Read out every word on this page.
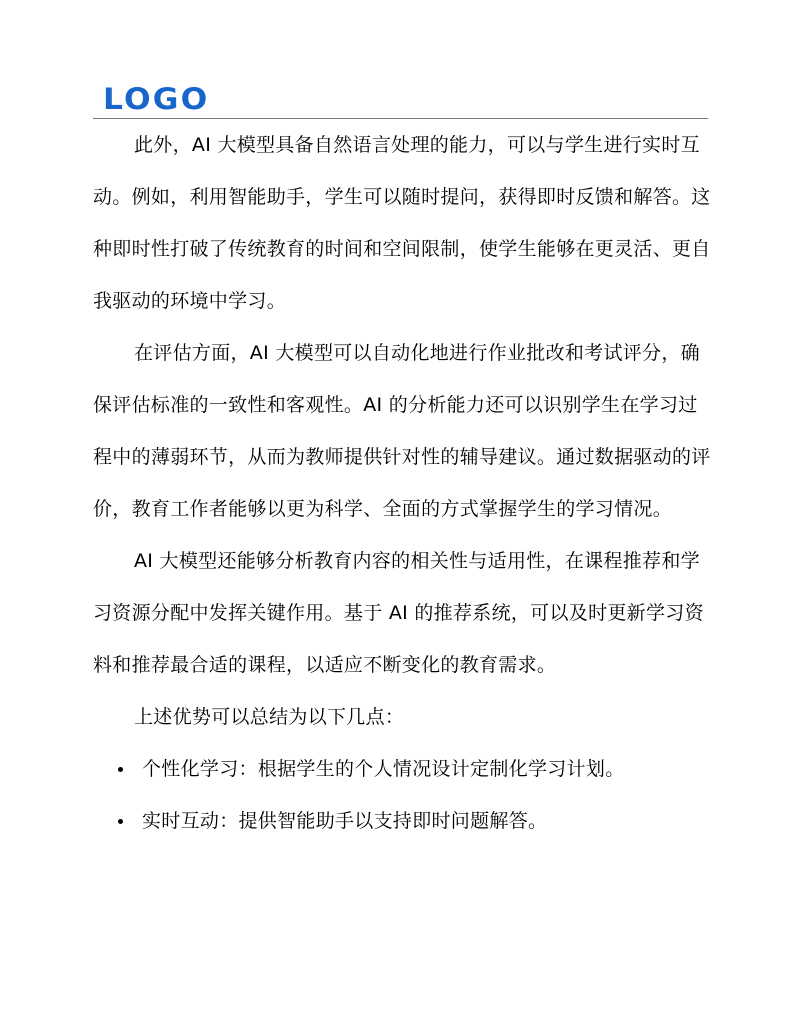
LOGO

此外，AI 大模型具备自然语言处理的能力，可以与学生进行实时互动。例如，利用智能助手，学生可以随时提问，获得即时反馈和解答。这种即时性打破了传统教育的时间和空间限制，使学生能够在更灵活、更自我驱动的环境中学习。

在评估方面，AI 大模型可以自动化地进行作业批改和考试评分，确保评估标准的一致性和客观性。AI 的分析能力还可以识别学生在学习过程中的薄弱环节，从而为教师提供针对性的辅导建议。通过数据驱动的评价，教育工作者能够以更为科学、全面的方式掌握学生的学习情况。

AI 大模型还能够分析教育内容的相关性与适用性，在课程推荐和学习资源分配中发挥关键作用。基于 AI 的推荐系统，可以及时更新学习资料和推荐最合适的课程，以适应不断变化的教育需求。

上述优势可以总结为以下几点：

个性化学习：根据学生的个人情况设计定制化学习计划。
实时互动：提供智能助手以支持即时问题解答。
